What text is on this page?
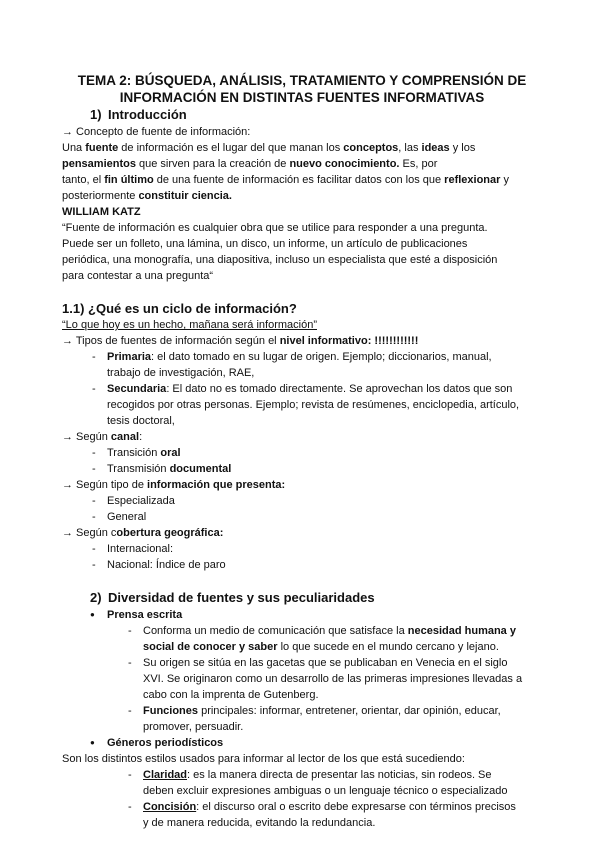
TEMA 2: BÚSQUEDA, ANÁLISIS, TRATAMIENTO Y COMPRENSIÓN DE
INFORMACIÓN EN DISTINTAS FUENTES INFORMATIVAS
1) Introducción
→ Concepto de fuente de información:
Una fuente de información es el lugar del que manan los conceptos, las ideas y los
pensamientos que sirven para la creación de nuevo conocimiento. Es, por
tanto, el fin último de una fuente de información es facilitar datos con los que reflexionar y
posteriormente constituir ciencia.
WILLIAM KATZ
“Fuente de información es cualquier obra que se utilice para responder a una pregunta.
Puede ser un folleto, una lámina, un disco, un informe, un artículo de publicaciones
periódica, una monografía, una diapositiva, incluso un especialista que esté a disposición
para contestar a una pregunta“
1.1) ¿Qué es un ciclo de información?
“Lo que hoy es un hecho, mañana será información”
→ Tipos de fuentes de información según el nivel informativo: !!!!!!!!!!!!
- Primaria: el dato tomado en su lugar de origen. Ejemplo; diccionarios, manual,
trabajo de investigación, RAE,
- Secundaria: El dato no es tomado directamente. Se aprovechan los datos que son
recogidos por otras personas. Ejemplo; revista de resúmenes, enciclopedia, artículo,
tesis doctoral,
→ Según canal:
- Transición oral
- Transmisión documental
→ Según tipo de información que presenta:
- Especializada
- General
→ Según cobertura geográfica:
- Internacional:
- Nacional: Índice de paro
2) Diversidad de fuentes y sus peculiaridades
● Prensa escrita
- Conforma un medio de comunicación que satisface la necesidad humana y
social de conocer y saber lo que sucede en el mundo cercano y lejano.
- Su origen se sitúa en las gacetas que se publicaban en Venecia en el siglo
XVI. Se originaron como un desarrollo de las primeras impresiones llevadas a
cabo con la imprenta de Gutenberg.
- Funciones principales: informar, entretener, orientar, dar opinión, educar,
promover, persuadir.
● Géneros periodísticos
Son los distintos estilos usados para informar al lector de los que está sucediendo:
- Claridad: es la manera directa de presentar las noticias, sin rodeos. Se
deben excluir expresiones ambiguas o un lenguaje técnico o especializado
- Concisión: el discurso oral o escrito debe expresarse con términos precisos
y de manera reducida, evitando la redundancia.
